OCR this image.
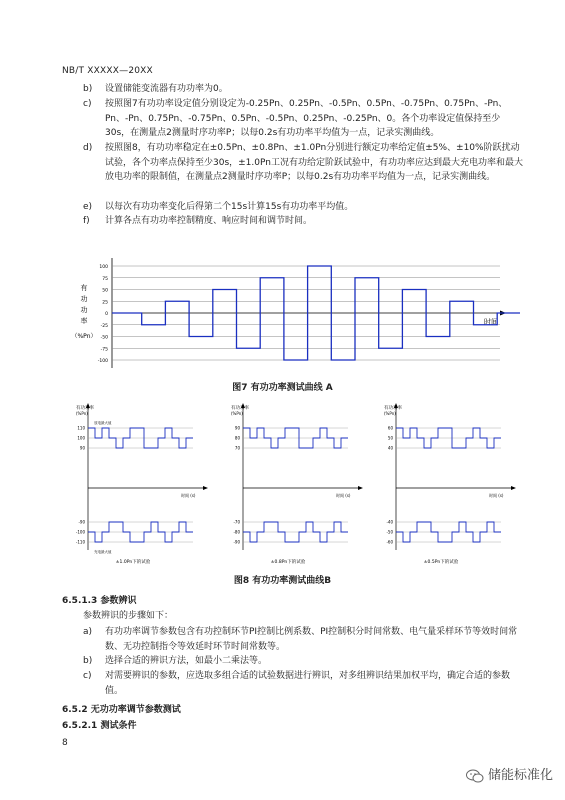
NB/T XXXXX—20XX
b) 设置储能变流器有功功率为0。
c) 按照图7有功功率设定值分别设定为-0.25Pn、0.25Pn、-0.5Pn、0.5Pn、-0.75Pn、0.75Pn、-Pn、Pn、-Pn、0.75Pn、-0.75Pn、0.5Pn、-0.5Pn、0.25Pn、-0.25Pn、0。各个功率设定值保持至少30s，在测量点2测量时序功率P；以每0.2s有功功率平均值为一点，记录实测曲线。
d) 按照图8，有功功率稳定在±0.5Pn、±0.8Pn、±1.0Pn分别进行额定功率给定值±5%、±10%阶跃扰动试验，各个功率点保持至少30s，±1.0Pn工况有功给定阶跃试验中，有功功率应达到最大充电功率和最大放电功率的限制值，在测量点2测量时序功率P；以每0.2s有功功率平均值为一点，记录实测曲线。
e) 以每次有功功率变化后得第二个15s计算15s有功功率平均值。
f) 计算各点有功功率控制精度、响应时间和调节时间。
有
功
功
率
（%Pn）
时间
100
75
50
25
0
-25
-50
-75
-100
图7 有功功率测试曲线 A
时间 (s)
有功功率
(%Pn)
110
100
90
-90
-100
-110
放电最大值
充电最大值
±1.0Pn下的试验
时间 (s)
有功功率
(%Pn)
90
80
70
-70
-80
-90
±0.8Pn下的试验
时间 (s)
有功功率
(%Pn)
60
50
40
-40
-50
-60
±0.5Pn下的试验
图8 有功功率测试曲线B
6.5.1.3 参数辨识
参数辨识的步骤如下：
a) 有功功率调节参数包含有功控制环节PI控制比例系数、PI控制积分时间常数、电气量采样环节等效时间常数、无功控制指令等效延时环节时间常数等。
b) 选择合适的辨识方法，如最小二乘法等。
c) 对需要辨识的参数，应选取多组合适的试验数据进行辨识，对多组辨识结果加权平均，确定合适的参数值。
6.5.2 无功功率调节参数测试
6.5.2.1 测试条件
8
储能标准化
